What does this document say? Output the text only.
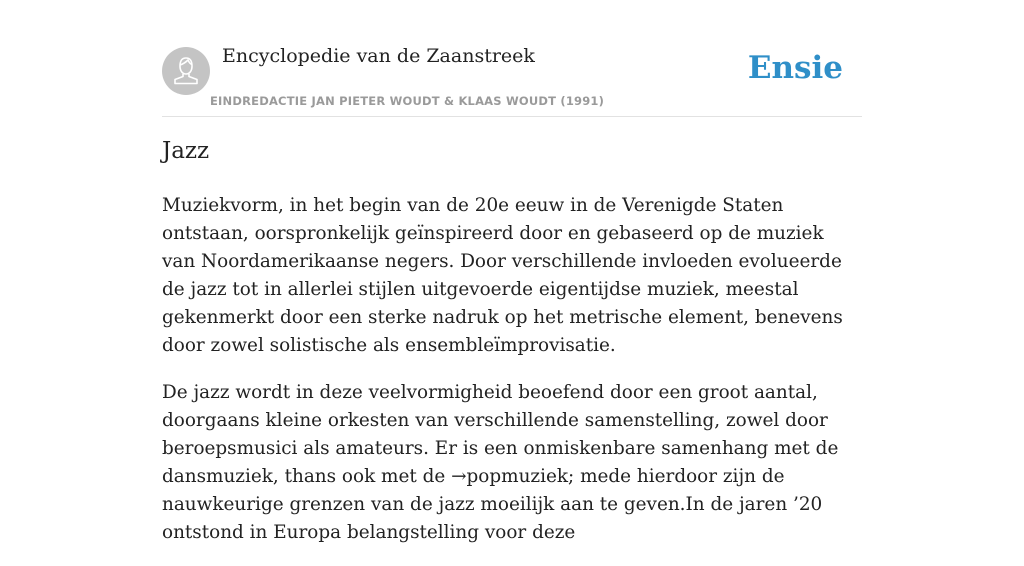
Encyclopedie van de Zaanstreek
EINDREDACTIE JAN PIETER WOUDT & KLAAS WOUDT (1991)
Ensie
Jazz

Muziekvorm, in het begin van de 20e eeuw in de Verenigde Staten ontstaan, oorspronkelijk geïnspireerd door en gebaseerd op de muziek van Noordamerikaanse negers. Door verschillende invloeden evolueerde de jazz tot in allerlei stijlen uitgevoerde eigentijdse muziek, meestal gekenmerkt door een sterke nadruk op het metrische element, benevens door zowel solistische als ensembleïmprovisatie.

De jazz wordt in deze veelvormigheid beoefend door een groot aantal, doorgaans kleine orkesten van verschillende samenstelling, zowel door beroepsmusici als amateurs. Er is een onmiskenbare samenhang met de dansmuziek, thans ook met de →popmuziek; mede hierdoor zijn de nauwkeurige grenzen van de jazz moeilijk aan te geven.In de jaren ’20 ontstond in Europa belangstelling voor deze
